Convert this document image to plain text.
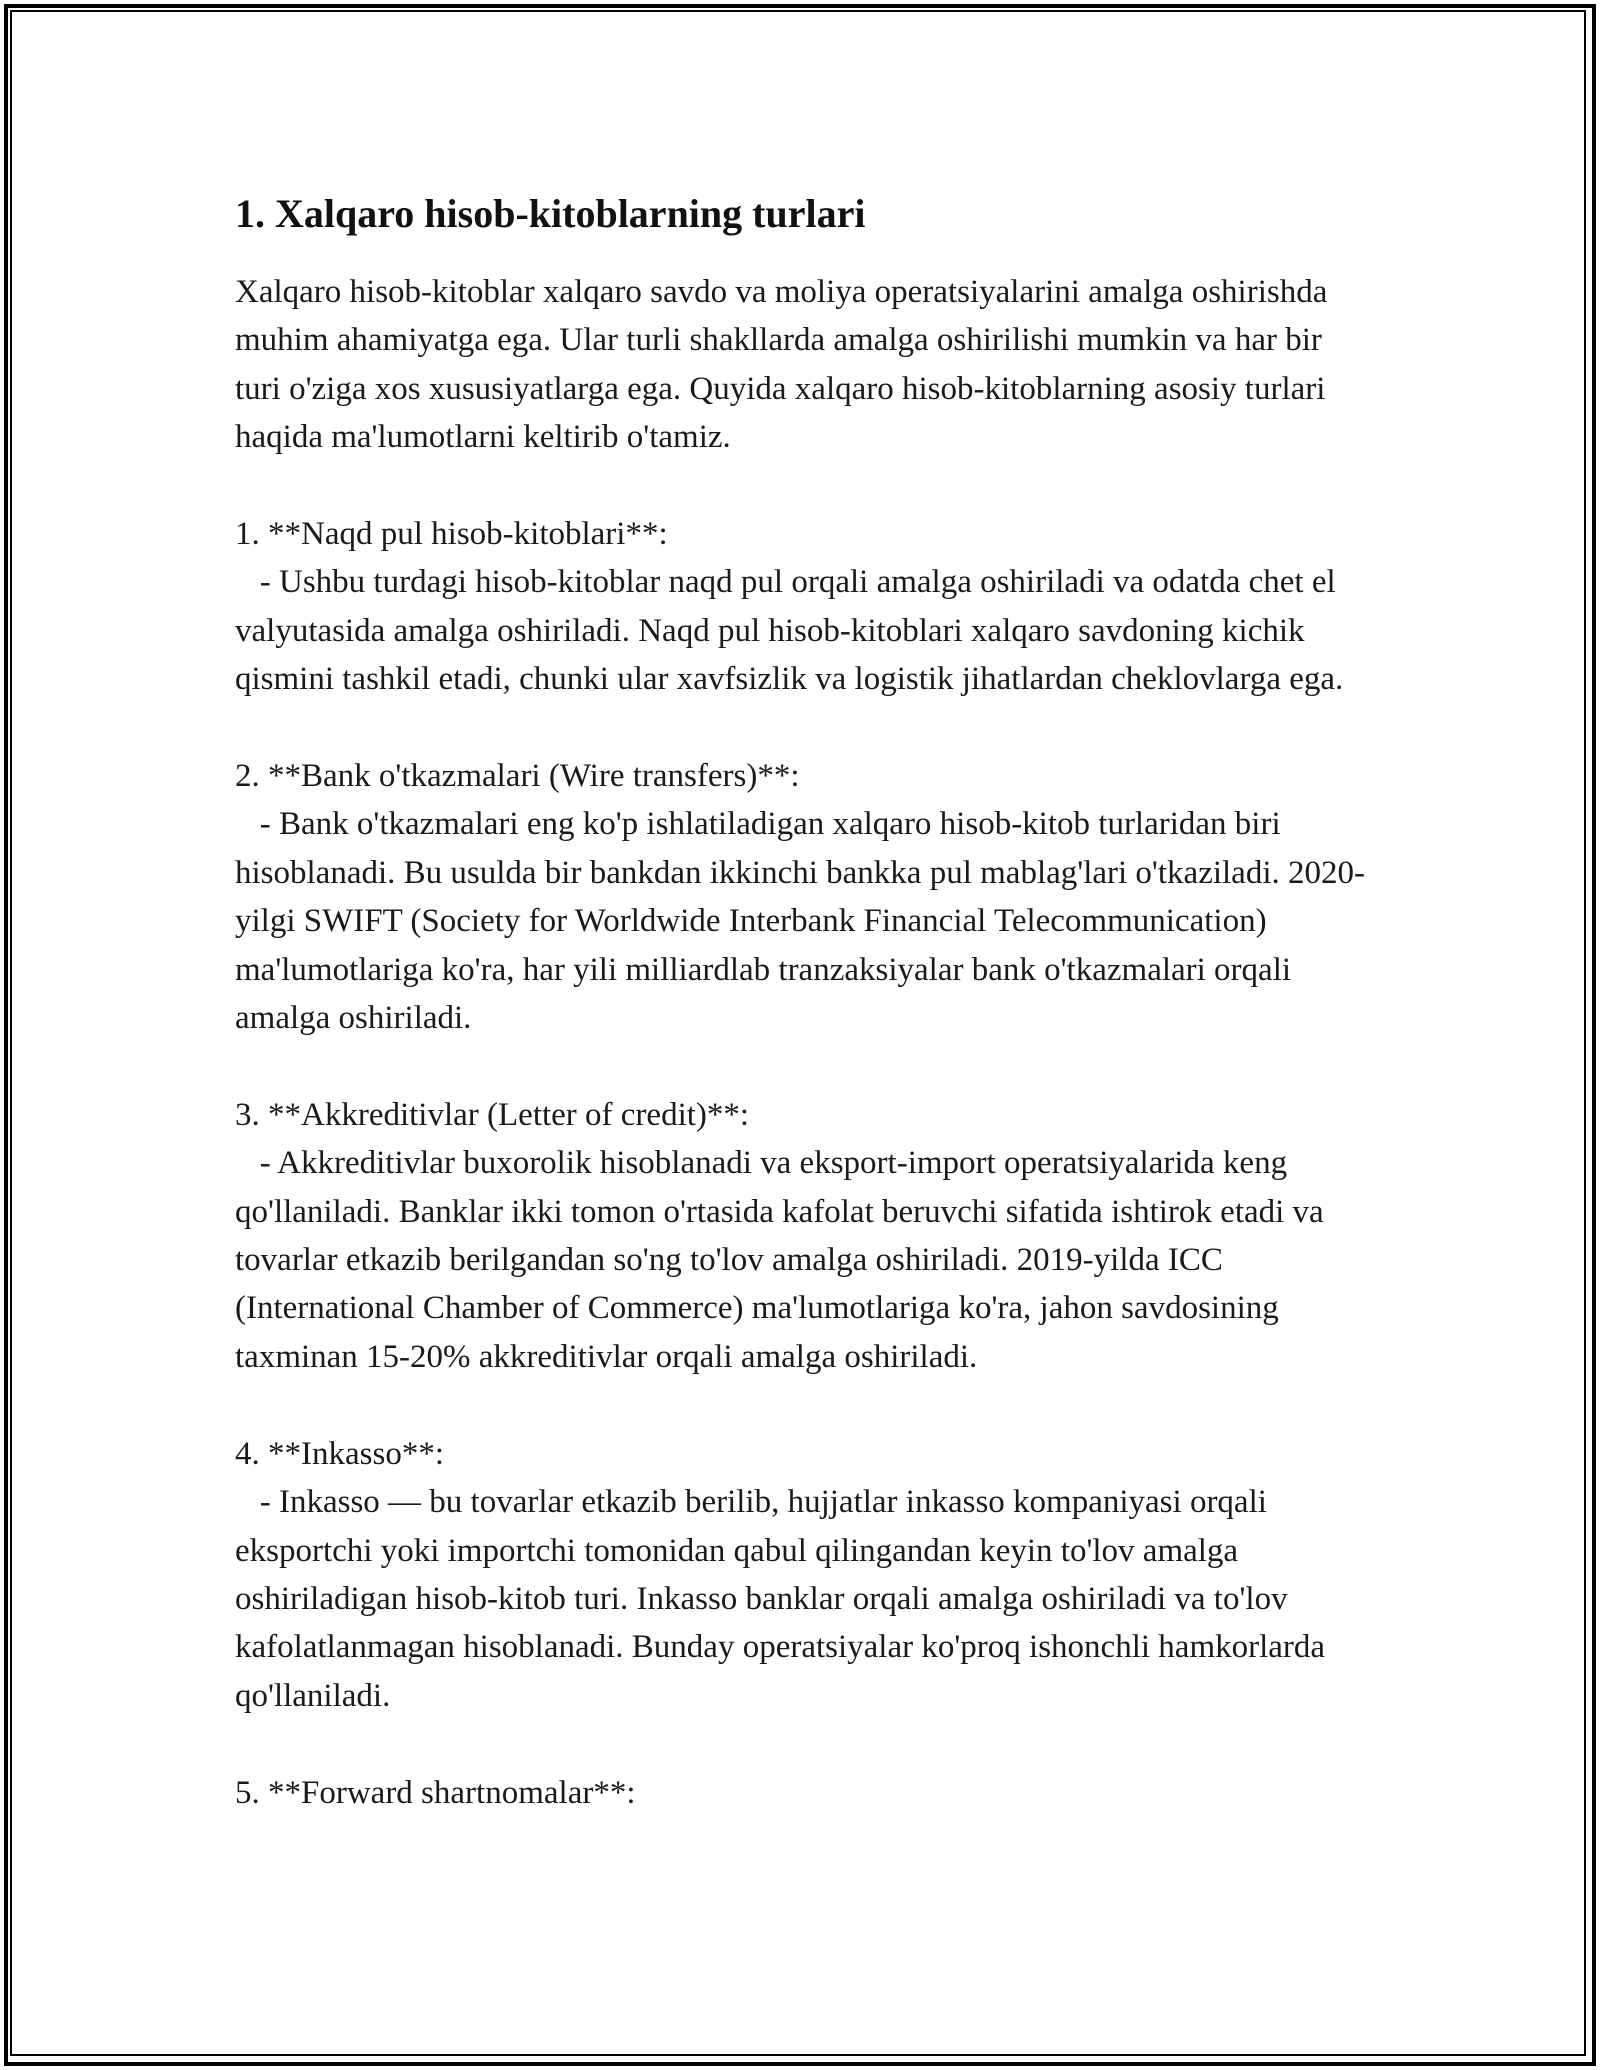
1. Xalqaro hisob-kitoblarning turlari

Xalqaro hisob-kitoblar xalqaro savdo va moliya operatsiyalarini amalga oshirishda muhim ahamiyatga ega. Ular turli shakllarda amalga oshirilishi mumkin va har bir turi o'ziga xos xususiyatlarga ega. Quyida xalqaro hisob-kitoblarning asosiy turlari haqida ma'lumotlarni keltirib o'tamiz.

1. **Naqd pul hisob-kitoblari**:

- Ushbu turdagi hisob-kitoblar naqd pul orqali amalga oshiriladi va odatda chet el valyutasida amalga oshiriladi. Naqd pul hisob-kitoblari xalqaro savdoning kichik qismini tashkil etadi, chunki ular xavfsizlik va logistik jihatlardan cheklovlarga ega.

2. **Bank o'tkazmalari (Wire transfers)**:

- Bank o'tkazmalari eng ko'p ishlatiladigan xalqaro hisob-kitob turlaridan biri hisoblanadi. Bu usulda bir bankdan ikkinchi bankka pul mablag'lari o'tkaziladi. 2020-yilgi SWIFT (Society for Worldwide Interbank Financial Telecommunication) ma'lumotlariga ko'ra, har yili milliardlab tranzaksiyalar bank o'tkazmalari orqali amalga oshiriladi.

3. **Akkreditivlar (Letter of credit)**:

- Akkreditivlar buxorolik hisoblanadi va eksport-import operatsiyalarida keng qo'llaniladi. Banklar ikki tomon o'rtasida kafolat beruvchi sifatida ishtirok etadi va tovarlar etkazib berilgandan so'ng to'lov amalga oshiriladi. 2019-yilda ICC (International Chamber of Commerce) ma'lumotlariga ko'ra, jahon savdosining taxminan 15-20% akkreditivlar orqali amalga oshiriladi.

4. **Inkasso**:

- Inkasso — bu tovarlar etkazib berilib, hujjatlar inkasso kompaniyasi orqali eksportchi yoki importchi tomonidan qabul qilingandan keyin to'lov amalga oshiriladigan hisob-kitob turi. Inkasso banklar orqali amalga oshiriladi va to'lov kafolatlanmagan hisoblanadi. Bunday operatsiyalar ko'proq ishonchli hamkorlarda qo'llaniladi.

5. **Forward shartnomalar**:
